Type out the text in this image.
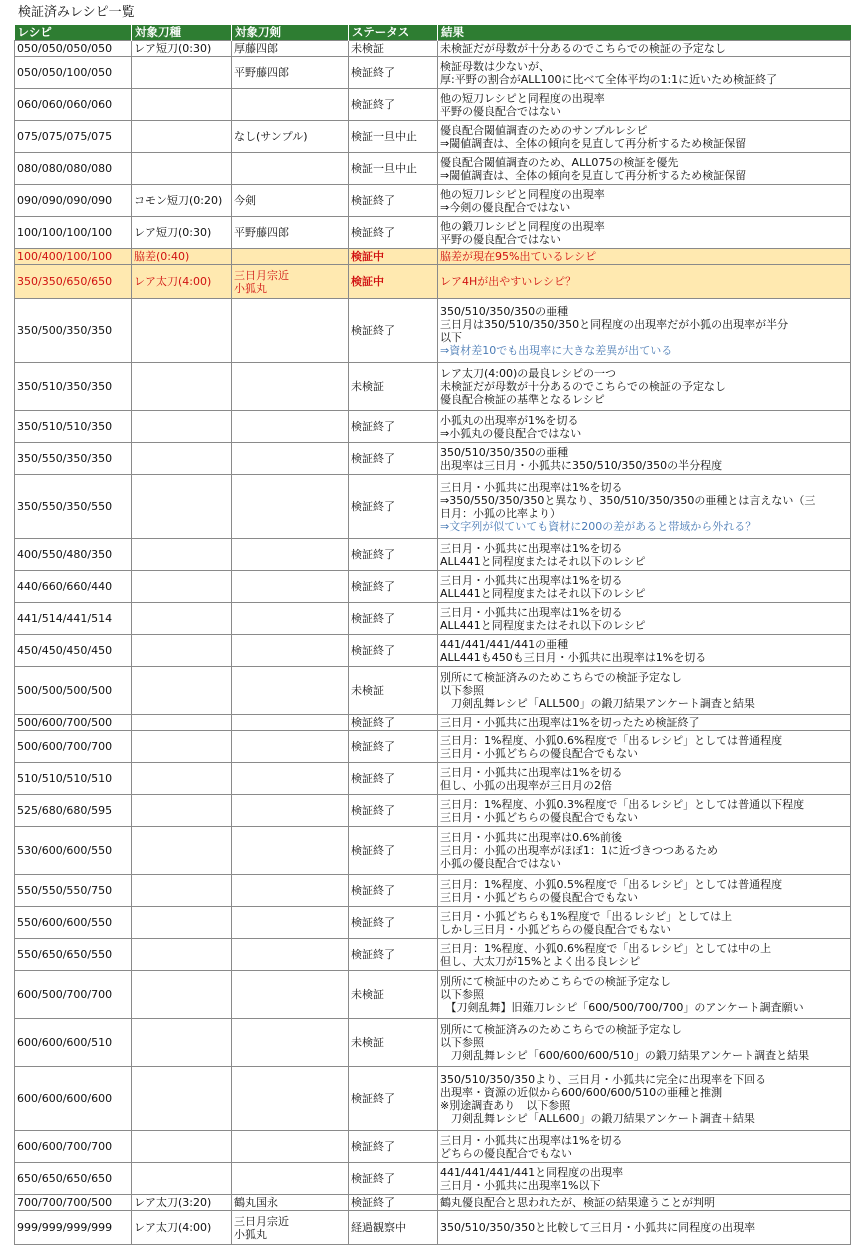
検証済みレシピ一覧
レシピ	対象刀種	対象刀剣	ステータス	結果
050/050/050/050	レア短刀(0:30)	厚藤四郎	未検証	未検証だが母数が十分あるのでこちらでの検証の予定なし

050/050/100/050		平野藤四郎	検証終了	検証母数は少ないが、
厚:平野の割合がALL100に比べて全体平均の1:1に近いため検証終了

060/060/060/060			検証終了	他の短刀レシピと同程度の出現率
平野の優良配合ではない

075/075/075/075		なし(サンプル)	検証一旦中止	優良配合閾値調査のためのサンプルレシピ
⇒閾値調査は、全体の傾向を見直して再分析するため検証保留

080/080/080/080			検証一旦中止	優良配合閾値調査のため、ALL075の検証を優先
⇒閾値調査は、全体の傾向を見直して再分析するため検証保留

090/090/090/090	コモン短刀(0:20)	今剣	検証終了	他の短刀レシピと同程度の出現率
⇒今剣の優良配合ではない

100/100/100/100	レア短刀(0:30)	平野藤四郎	検証終了	他の鍛刀レシピと同程度の出現率
平野の優良配合ではない

100/400/100/100	脇差(0:40)		検証中	脇差が現在95%出ているレシピ

350/350/650/650	レア太刀(4:00)	三日月宗近
小狐丸	検証中	レア4Hが出やすいレシピ？

350/500/350/350			検証終了	350/510/350/350の亜種
三日月は350/510/350/350と同程度の出現率だが小狐の出現率が半分
以下
⇒資材差10でも出現率に大きな差異が出ている

350/510/350/350			未検証	レア太刀(4:00)の最良レシピの一つ
未検証だが母数が十分あるのでこちらでの検証の予定なし
優良配合検証の基準となるレシピ

350/510/510/350			検証終了	小狐丸の出現率が1%を切る
⇒小狐丸の優良配合ではない

350/550/350/350			検証終了	350/510/350/350の亜種
出現率は三日月・小狐共に350/510/350/350の半分程度

350/550/350/550			検証終了	三日月・小狐共に出現率は1%を切る
⇒350/550/350/350と異なり、350/510/350/350の亜種とは言えない（三
日月：小狐の比率より）
⇒文字列が似ていても資材に200の差があると帯域から外れる？

400/550/480/350			検証終了	三日月・小狐共に出現率は1%を切る
ALL441と同程度またはそれ以下のレシピ

440/660/660/440			検証終了	三日月・小狐共に出現率は1%を切る
ALL441と同程度またはそれ以下のレシピ

441/514/441/514			検証終了	三日月・小狐共に出現率は1%を切る
ALL441と同程度またはそれ以下のレシピ

450/450/450/450			検証終了	441/441/441/441の亜種
ALL441も450も三日月・小狐共に出現率は1%を切る

500/500/500/500			未検証	別所にて検証済みのためこちらでの検証予定なし
以下参照
　刀剣乱舞レシピ「ALL500」の鍛刀結果アンケート調査と結果

500/600/700/500			検証終了	三日月・小狐共に出現率は1%を切ったため検証終了

500/600/700/700			検証終了	三日月：1%程度、小狐0.6%程度で「出るレシピ」としては普通程度
三日月・小狐どちらの優良配合でもない

510/510/510/510			検証終了	三日月・小狐共に出現率は1%を切る
但し、小狐の出現率が三日月の2倍

525/680/680/595			検証終了	三日月：1%程度、小狐0.3%程度で「出るレシピ」としては普通以下程度
三日月・小狐どちらの優良配合でもない

530/600/600/550			検証終了	三日月・小狐共に出現率は0.6%前後
三日月：小狐の出現率がほぼ1：1に近づきつつあるため
小狐の優良配合ではない

550/550/550/750			検証終了	三日月：1%程度、小狐0.5%程度で「出るレシピ」としては普通程度
三日月・小狐どちらの優良配合でもない

550/600/600/550			検証終了	三日月・小狐どちらも1%程度で「出るレシピ」としては上
しかし三日月・小狐どちらの優良配合でもない

550/650/650/550			検証終了	三日月：1%程度、小狐0.6%程度で「出るレシピ」としては中の上
但し、大太刀が15%とよく出る良レシピ

600/500/700/700			未検証	別所にて検証中のためこちらでの検証予定なし
以下参照
　【刀剣乱舞】旧薙刀レシピ「600/500/700/700」のアンケート調査願い

600/600/600/510			未検証	別所にて検証済みのためこちらでの検証予定なし
以下参照
　刀剣乱舞レシピ「600/600/600/510」の鍛刀結果アンケート調査と結果

600/600/600/600			検証終了	350/510/350/350より、三日月・小狐共に完全に出現率を下回る
出現率・資源の近似から600/600/600/510の亜種と推測
※別途調査あり　以下参照
　刀剣乱舞レシピ「ALL600」の鍛刀結果アンケート調査＋結果

600/600/700/700			検証終了	三日月・小狐共に出現率は1%を切る
どちらの優良配合でもない

650/650/650/650			検証終了	441/441/441/441と同程度の出現率
三日月・小狐共に出現率1%以下

700/700/700/500	レア太刀(3:20)	鶴丸国永	検証終了	鶴丸優良配合と思われたが、検証の結果違うことが判明

999/999/999/999	レア太刀(4:00)	三日月宗近
小狐丸	経過観察中	350/510/350/350と比較して三日月・小狐共に同程度の出現率
